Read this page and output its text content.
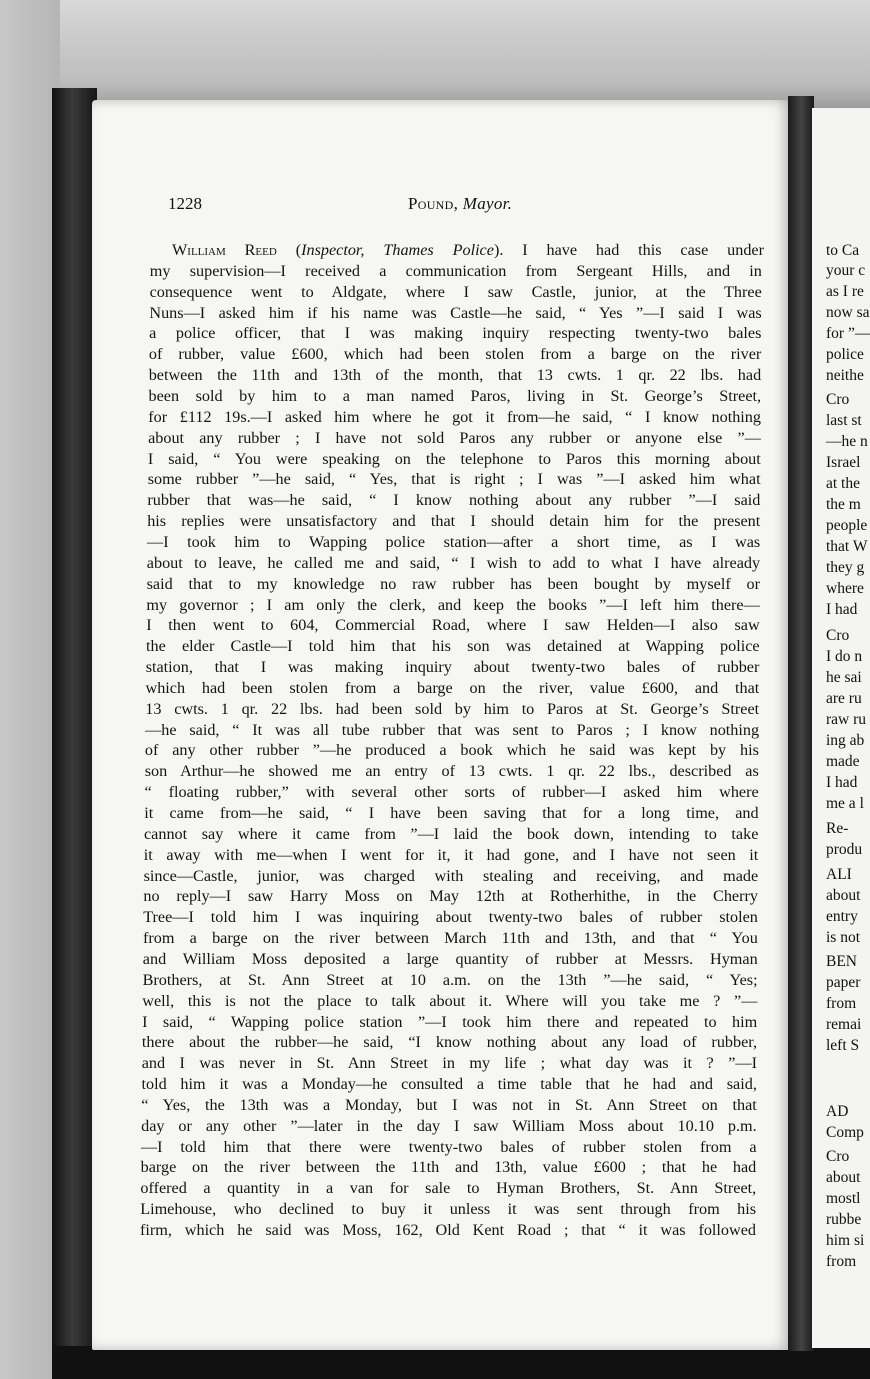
to Ca
your c
as I re
now sa
for ”—
police
neithe
Cro
last st
—he n
Israel
at the
the m
people
that W
they g
where
I had
Cro
I do n
he sai
are ru
raw ru
ing ab
made
I had
me a l
Re-
produ
ALI
about
entry
is not
BEN
paper
from
remai
left S
AD
Comp
Cro
about
mostl
rubbe
him si
from
1228	Pound, Mayor.
William Reed (Inspector, Thames Police). I have had this case under
my supervision—I received a communication from Sergeant Hills, and in
consequence went to Aldgate, where I saw Castle, junior, at the Three
Nuns—I asked him if his name was Castle—he said, “ Yes ”—I said I was
a police officer, that I was making inquiry respecting twenty-two bales
of rubber, value £600, which had been stolen from a barge on the river
between the 11th and 13th of the month, that 13 cwts. 1 qr. 22 lbs. had
been sold by him to a man named Paros, living in St. George’s Street,
for £112 19s.—I asked him where he got it from—he said, “ I know nothing
about any rubber ; I have not sold Paros any rubber or anyone else ”—
I said, “ You were speaking on the telephone to Paros this morning about
some rubber ”—he said, “ Yes, that is right ; I was ”—I asked him what
rubber that was—he said, “ I know nothing about any rubber ”—I said
his replies were unsatisfactory and that I should detain him for the present
—I took him to Wapping police station—after a short time, as I was
about to leave, he called me and said, “ I wish to add to what I have already
said that to my knowledge no raw rubber has been bought by myself or
my governor ; I am only the clerk, and keep the books ”—I left him there—
I then went to 604, Commercial Road, where I saw Helden—I also saw
the elder Castle—I told him that his son was detained at Wapping police
station, that I was making inquiry about twenty-two bales of rubber
which had been stolen from a barge on the river, value £600, and that
13 cwts. 1 qr. 22 lbs. had been sold by him to Paros at St. George’s Street
—he said, “ It was all tube rubber that was sent to Paros ; I know nothing
of any other rubber ”—he produced a book which he said was kept by his
son Arthur—he showed me an entry of 13 cwts. 1 qr. 22 lbs., described as
“ floating rubber,” with several other sorts of rubber—I asked him where
it came from—he said, “ I have been saving that for a long time, and
cannot say where it came from ”—I laid the book down, intending to take
it away with me—when I went for it, it had gone, and I have not seen it
since—Castle, junior, was charged with stealing and receiving, and made
no reply—I saw Harry Moss on May 12th at Rotherhithe, in the Cherry
Tree—I told him I was inquiring about twenty-two bales of rubber stolen
from a barge on the river between March 11th and 13th, and that “ You
and William Moss deposited a large quantity of rubber at Messrs. Hyman
Brothers, at St. Ann Street at 10 a.m. on the 13th ”—he said, “ Yes;
well, this is not the place to talk about it. Where will you take me ? ”—
I said, “ Wapping police station ”—I took him there and repeated to him
there about the rubber—he said, “I know nothing about any load of rubber,
and I was never in St. Ann Street in my life ; what day was it ? ”—I
told him it was a Monday—he consulted a time table that he had and said,
“ Yes, the 13th was a Monday, but I was not in St. Ann Street on that
day or any other ”—later in the day I saw William Moss about 10.10 p.m.
—I told him that there were twenty-two bales of rubber stolen from a
barge on the river between the 11th and 13th, value £600 ; that he had
offered a quantity in a van for sale to Hyman Brothers, St. Ann Street,
Limehouse, who declined to buy it unless it was sent through from his
firm, which he said was Moss, 162, Old Kent Road ; that “ it was followed
